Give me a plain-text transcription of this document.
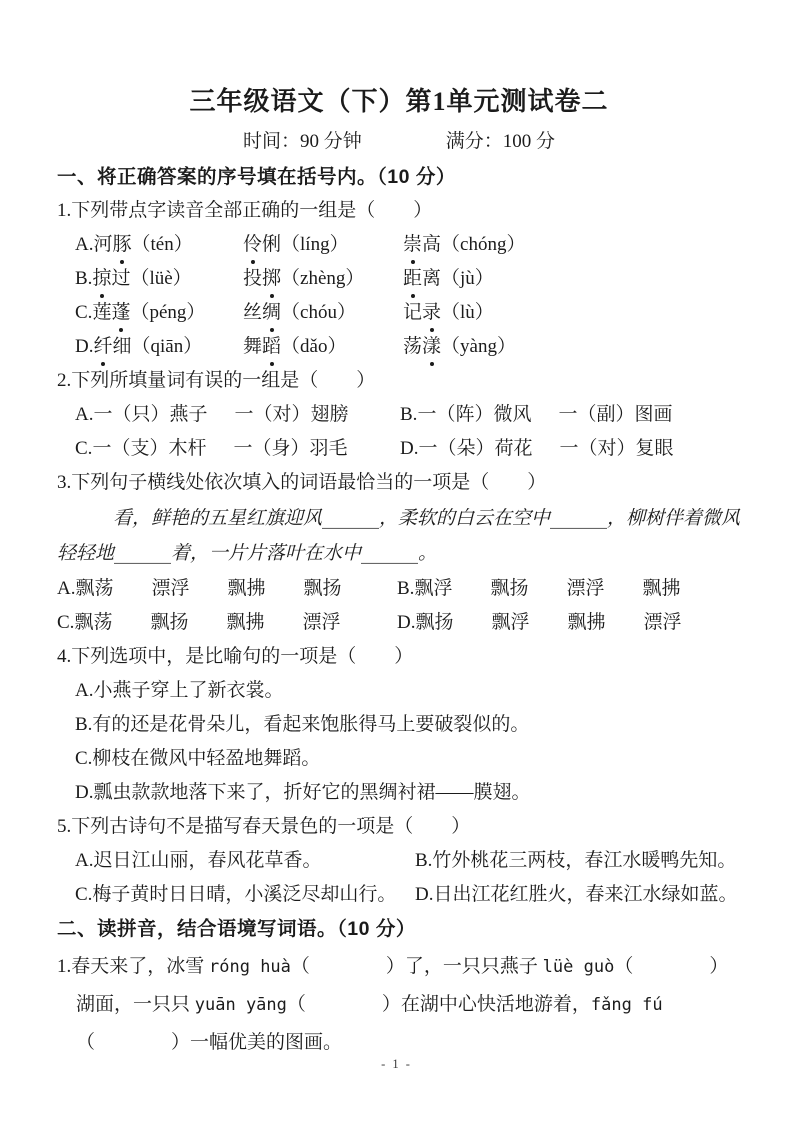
三年级语文（下）第1单元测试卷二
时间：90 分钟	满分：100 分
一、将正确答案的序号填在括号内。（10 分）
1.下列带点字读音全部正确的一组是（　　）
A.河豚（tén）	伶俐（líng）	崇高（chóng）
B.掠过（lüè）	投掷（zhèng）	距离（jù）
C.莲蓬（péng）	丝绸（chóu）	记录（lù）
D.纤细（qiān）	舞蹈（dǎo）	荡漾（yàng）
2.下列所填量词有误的一组是（　　）
A.一（只）燕子 一（对）翅膀	B.一（阵）微风 一（副）图画
C.一（支）木杆 一（身）羽毛	D.一（朵）荷花 一（对）复眼
3.下列句子横线处依次填入的词语最恰当的一项是（　　）
看，鲜艳的五星红旗迎风______，柔软的白云在空中______，柳树伴着微风轻轻地______着，一片片落叶在水中______。
A.飘荡 漂浮 飘拂 飘扬	B.飘浮 飘扬 漂浮 飘拂
C.飘荡 飘扬 飘拂 漂浮	D.飘扬 飘浮 飘拂 漂浮
4.下列选项中，是比喻句的一项是（　　）
A.小燕子穿上了新衣裳。
B.有的还是花骨朵儿，看起来饱胀得马上要破裂似的。
C.柳枝在微风中轻盈地舞蹈。
D.瓢虫款款地落下来了，折好它的黑绸衬裙——膜翅。
5.下列古诗句不是描写春天景色的一项是（　　）
A.迟日江山丽，春风花草香。	B.竹外桃花三两枝，春江水暖鸭先知。
C.梅子黄时日日晴，小溪泛尽却山行。 D.日出江花红胜火，春来江水绿如蓝。
二、读拼音，结合语境写词语。（10 分）
1.春天来了，冰雪 róng huà（　　　　）了，一只只燕子 lüè guò（　　　　）湖面，一只只 yuān yāng（　　　　）在湖中心快活地游着，fǎng fú（　　　　）一幅优美的图画。
- 1 -
